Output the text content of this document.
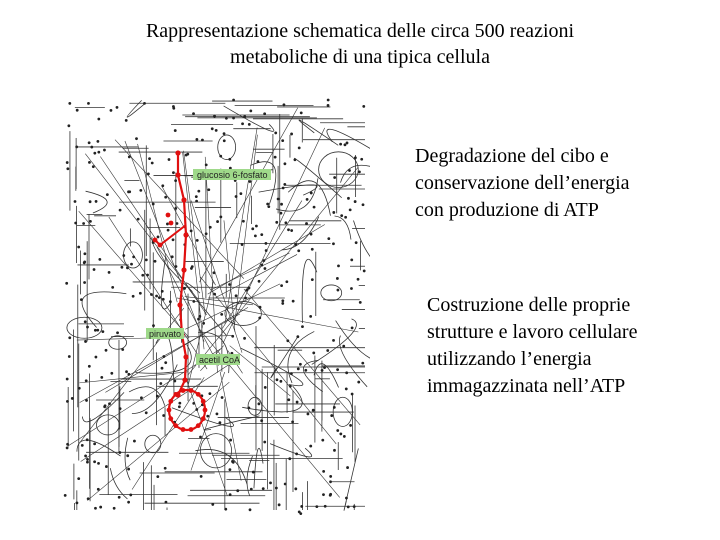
Rappresentazione schematica delle circa 500 reazioni
metaboliche di una tipica cellula
glucosio 6-fosfato
piruvato
acetil CoA
Degradazione del cibo e
conservazione dell’energia
con produzione di ATP
Costruzione delle proprie
strutture e lavoro cellulare
utilizzando l’energia
immagazzinata nell’ATP
